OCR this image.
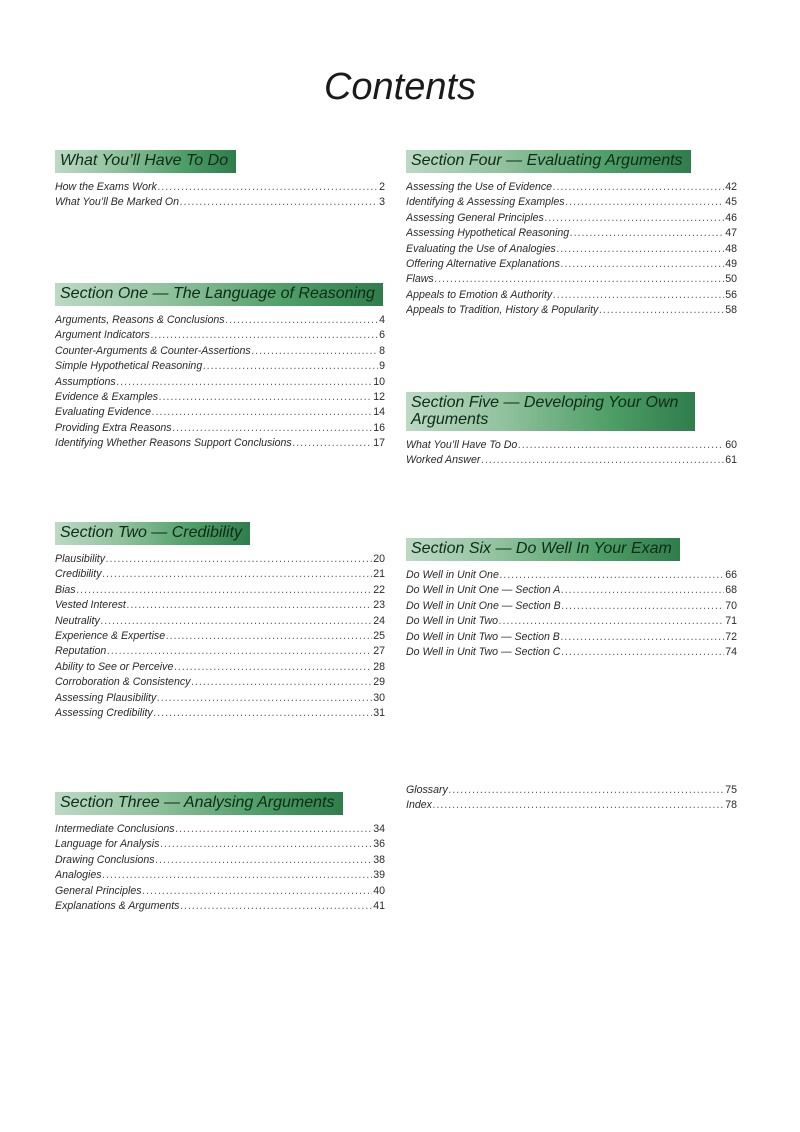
Contents
What You’ll Have To Do
How the Exams Work .....	2
What You’ll Be Marked On .....	3
Section One — The Language of Reasoning
Arguments, Reasons & Conclusions .....	4
Argument Indicators .....	6
Counter-Arguments & Counter-Assertions .....	8
Simple Hypothetical Reasoning .....	9
Assumptions .....	10
Evidence & Examples .....	12
Evaluating Evidence .....	14
Providing Extra Reasons .....	16
Identifying Whether Reasons Support Conclusions .....	17
Section Two — Credibility
Plausibility .....	20
Credibility .....	21
Bias .....	22
Vested Interest .....	23
Neutrality .....	24
Experience & Expertise .....	25
Reputation .....	27
Ability to See or Perceive .....	28
Corroboration & Consistency .....	29
Assessing Plausibility .....	30
Assessing Credibility .....	31
Section Three — Analysing Arguments
Intermediate Conclusions .....	34
Language for Analysis .....	36
Drawing Conclusions .....	38
Analogies .....	39
General Principles .....	40
Explanations & Arguments .....	41
Section Four — Evaluating Arguments
Assessing the Use of Evidence .....	42
Identifying & Assessing Examples .....	45
Assessing General Principles .....	46
Assessing Hypothetical Reasoning .....	47
Evaluating the Use of Analogies .....	48
Offering Alternative Explanations .....	49
Flaws .....	50
Appeals to Emotion & Authority .....	56
Appeals to Tradition, History & Popularity .....	58
Section Five — Developing Your Own Arguments
What You’ll Have To Do .....	60
Worked Answer .....	61
Section Six — Do Well In Your Exam
Do Well in Unit One .....	66
Do Well in Unit One — Section A .....	68
Do Well in Unit One — Section B .....	70
Do Well in Unit Two .....	71
Do Well in Unit Two — Section B .....	72
Do Well in Unit Two — Section C .....	74
Glossary .....	75
Index .....	78
